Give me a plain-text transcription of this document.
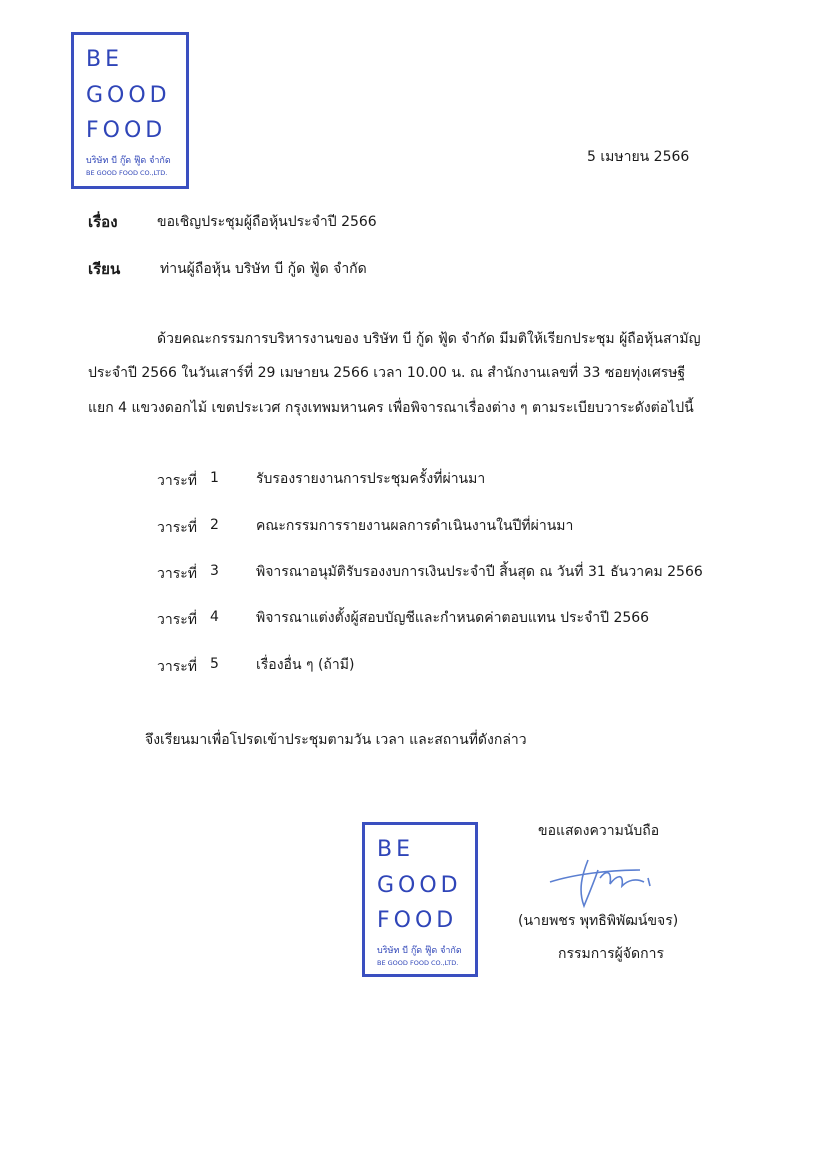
BE
GOOD
FOOD
บริษัท บี กู๊ด ฟู๊ด จำกัด
BE GOOD FOOD CO.,LTD.
5 เมษายน 2566
เรื่อง	ขอเชิญประชุมผู้ถือหุ้นประจำปี 2566
เรียน	ท่านผู้ถือหุ้น บริษัท บี กู้ด ฟู้ด จำกัด
ด้วยคณะกรรมการบริหารงานของ บริษัท บี กู้ด ฟู้ด จำกัด มีมติให้เรียกประชุม ผู้ถือหุ้นสามัญ
ประจำปี 2566 ในวันเสาร์ที่ 29 เมษายน 2566 เวลา 10.00 น. ณ สำนักงานเลขที่ 33 ซอยทุ่งเศรษฐี
แยก 4 แขวงดอกไม้ เขตประเวศ กรุงเทพมหานคร เพื่อพิจารณาเรื่องต่าง ๆ ตามระเบียบวาระดังต่อไปนี้
วาระที่ 1	รับรองรายงานการประชุมครั้งที่ผ่านมา
วาระที่ 2	คณะกรรมการรายงานผลการดำเนินงานในปีที่ผ่านมา
วาระที่ 3	พิจารณาอนุมัติรับรองงบการเงินประจำปี สิ้นสุด ณ วันที่ 31 ธันวาคม 2566
วาระที่ 4	พิจารณาแต่งตั้งผู้สอบบัญชีและกำหนดค่าตอบแทน ประจำปี 2566
วาระที่ 5	เรื่องอื่น ๆ (ถ้ามี)
จึงเรียนมาเพื่อโปรดเข้าประชุมตามวัน เวลา และสถานที่ดังกล่าว
BE
GOOD
FOOD
บริษัท บี กู๊ด ฟู๊ด จำกัด
BE GOOD FOOD CO.,LTD.
ขอแสดงความนับถือ
(นายพชร พุทธิพิพัฒน์ขจร)
กรรมการผู้จัดการ
